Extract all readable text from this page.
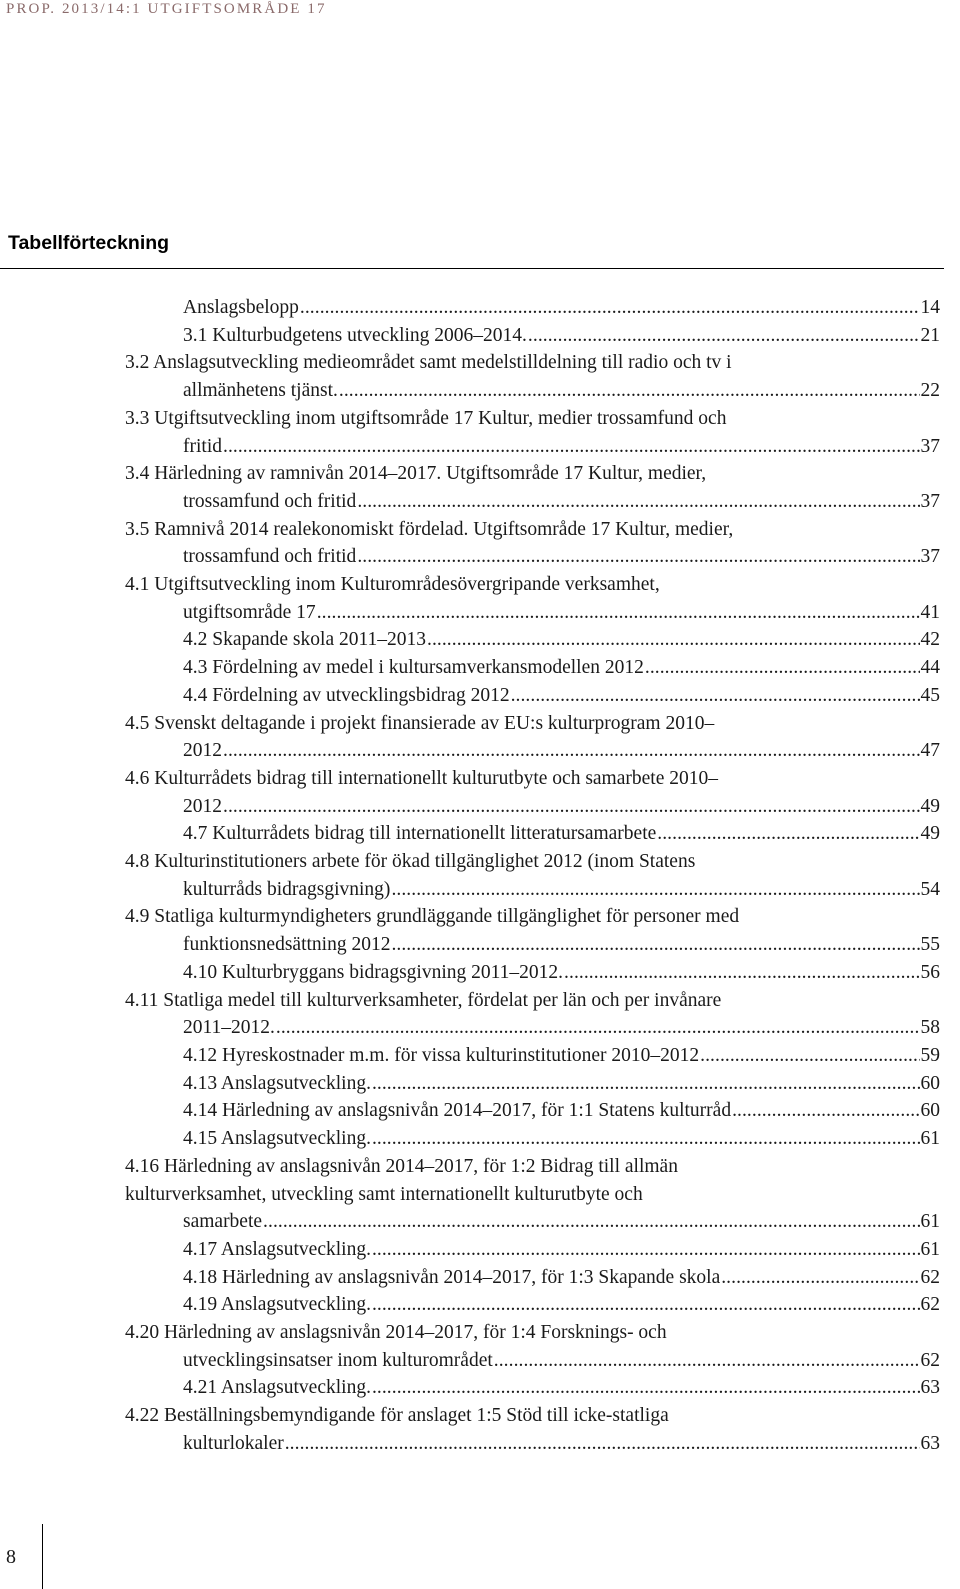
PROP. 2013/14:1 UTGIFTSOMRÅDE 17
Tabellförteckning
Anslagsbelopp . . .	14
3.1 Kulturbudgetens utveckling 2006–2014. . . .	21
3.2 Anslagsutveckling medieområdet samt medelstilldelning till radio och tv i
allmänhetens tjänst. . . .	22
3.3 Utgiftsutveckling inom utgiftsområde 17 Kultur, medier trossamfund och
fritid . . .	37
3.4 Härledning av ramnivån 2014–2017. Utgiftsområde 17 Kultur, medier,
trossamfund och fritid . . .	37
3.5 Ramnivå 2014 realekonomiskt fördelad. Utgiftsområde 17 Kultur, medier,
trossamfund och fritid . . .	37
4.1 Utgiftsutveckling inom Kulturområdesövergripande verksamhet,
utgiftsområde 17 . . .	41
4.2 Skapande skola 2011–2013 . . .	42
4.3 Fördelning av medel i kultursamverkansmodellen 2012 . . .	44
4.4 Fördelning av utvecklingsbidrag 2012 . . .	45
4.5 Svenskt deltagande i projekt finansierade av EU:s kulturprogram 2010–
2012 . . .	47
4.6 Kulturrådets bidrag till internationellt kulturutbyte och samarbete 2010–
2012 . . .	49
4.7 Kulturrådets bidrag till internationellt litteratursamarbete . . .	49
4.8 Kulturinstitutioners arbete för ökad tillgänglighet 2012 (inom Statens
kulturråds bidragsgivning) . . .	54
4.9 Statliga kulturmyndigheters grundläggande tillgänglighet för personer med
funktionsnedsättning 2012 . . .	55
4.10 Kulturbryggans bidragsgivning 2011–2012. . . .	56
4.11 Statliga medel till kulturverksamheter, fördelat per län och per invånare
2011–2012. . . .	58
4.12 Hyreskostnader m.m. för vissa kulturinstitutioner 2010–2012 . . .	59
4.13 Anslagsutveckling. . . .	60
4.14 Härledning av anslagsnivån 2014–2017, för 1:1 Statens kulturråd . . .	60
4.15 Anslagsutveckling. . . .	61
4.16 Härledning av anslagsnivån 2014–2017, för 1:2 Bidrag till allmän
kulturverksamhet, utveckling samt internationellt kulturutbyte och
samarbete . . .	61
4.17 Anslagsutveckling. . . .	61
4.18 Härledning av anslagsnivån 2014–2017, för 1:3 Skapande skola . . .	62
4.19 Anslagsutveckling. . . .	62
4.20 Härledning av anslagsnivån 2014–2017, för 1:4 Forsknings- och
utvecklingsinsatser inom kulturområdet . . .	62
4.21 Anslagsutveckling. . . .	63
4.22 Beställningsbemyndigande för anslaget 1:5 Stöd till icke-statliga
kulturlokaler . . .	63
8
